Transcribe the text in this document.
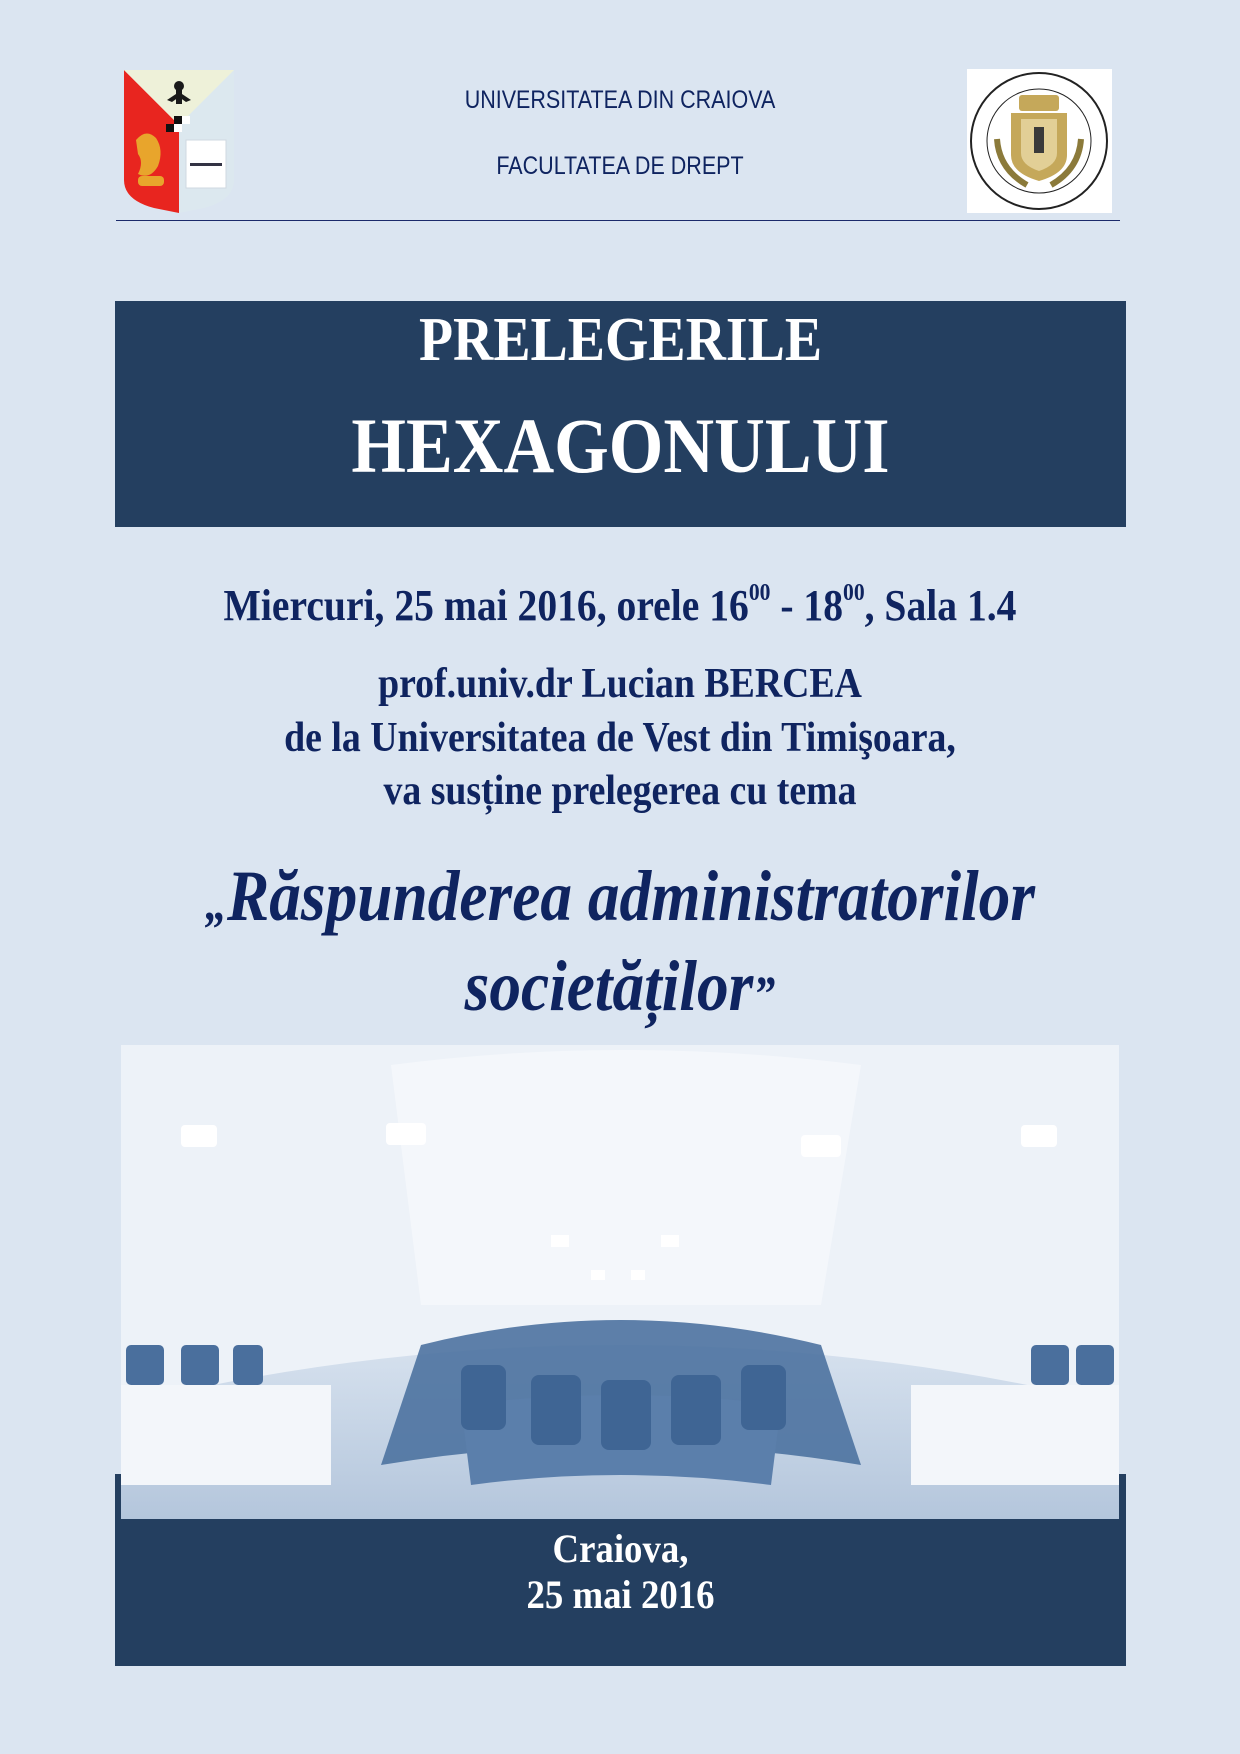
UNIVERSITATEA DIN CRAIOVA
FACULTATEA DE DREPT
PRELEGERILE
HEXAGONULUI
Miercuri, 25 mai 2016, orele $16^{00} - 18^{00}$, Sala 1.4
prof.univ.dr Lucian BERCEA
de la Universitatea de Vest din Timişoara,
va susține prelegerea cu tema
„Răspunderea administratorilor
societăților”
Craiova,
25 mai 2016
